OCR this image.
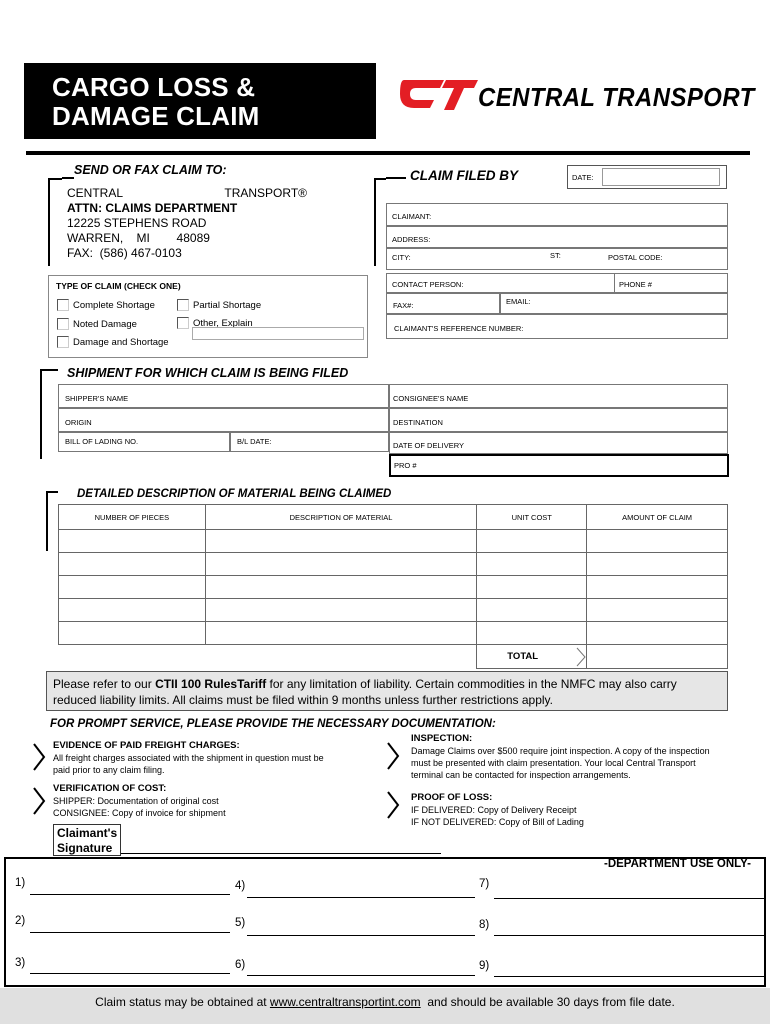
CARGO LOSS &
DAMAGE CLAIM
CENTRAL TRANSPORT
SEND OR FAX CLAIM TO:
CENTRAL	TRANSPORT®
ATTN: CLAIMS DEPARTMENT
12225 STEPHENS ROAD
WARREN,    MI        48089
FAX:  (586) 467-0103
TYPE OF CLAIM (CHECK ONE)
Complete Shortage	Partial Shortage
Noted Damage	Other, Explain
Damage and Shortage
CLAIM FILED BY	DATE:
CLAIMANT:
ADDRESS:
CITY:	ST:	POSTAL CODE:
CONTACT PERSON:	PHONE #
FAX#:	EMAIL:
CLAIMANT'S REFERENCE NUMBER:
SHIPMENT FOR WHICH CLAIM IS BEING FILED
SHIPPER'S NAME	CONSIGNEE'S NAME
ORIGIN	DESTINATION
BILL OF LADING NO.	B/L DATE:	DATE OF DELIVERY
PRO #
DETAILED DESCRIPTION OF MATERIAL BEING CLAIMED
NUMBER OF PIECES	DESCRIPTION OF MATERIAL	UNIT COST	AMOUNT OF CLAIM

		TOTAL

Please refer to our CTII 100 RulesTariff for any limitation of liability. Certain commodities in the NMFC may also carry reduced liability limits. All claims must be filed within 9 months unless further restrictions apply.
FOR PROMPT SERVICE, PLEASE PROVIDE THE NECESSARY DOCUMENTATION:
EVIDENCE OF PAID FREIGHT CHARGES:
All freight charges associated with the shipment in question must be paid prior to any claim filing.
VERIFICATION OF COST:
SHIPPER: Documentation of original cost
CONSIGNEE: Copy of invoice for shipment
INSPECTION:
Damage Claims over $500 require joint inspection. A copy of the inspection must be presented with claim presentation. Your local Central Transport terminal can be contacted for inspection arrangements.
PROOF OF LOSS:
IF DELIVERED: Copy of Delivery Receipt
IF NOT DELIVERED: Copy of Bill of Lading
Claimant's
Signature
-DEPARTMENT USE ONLY-
1)
2)
3)
4)
5)
6)
7)
8)
9)
Claim status may be obtained at www.centraltransportint.com  and should be available 30 days from file date.
